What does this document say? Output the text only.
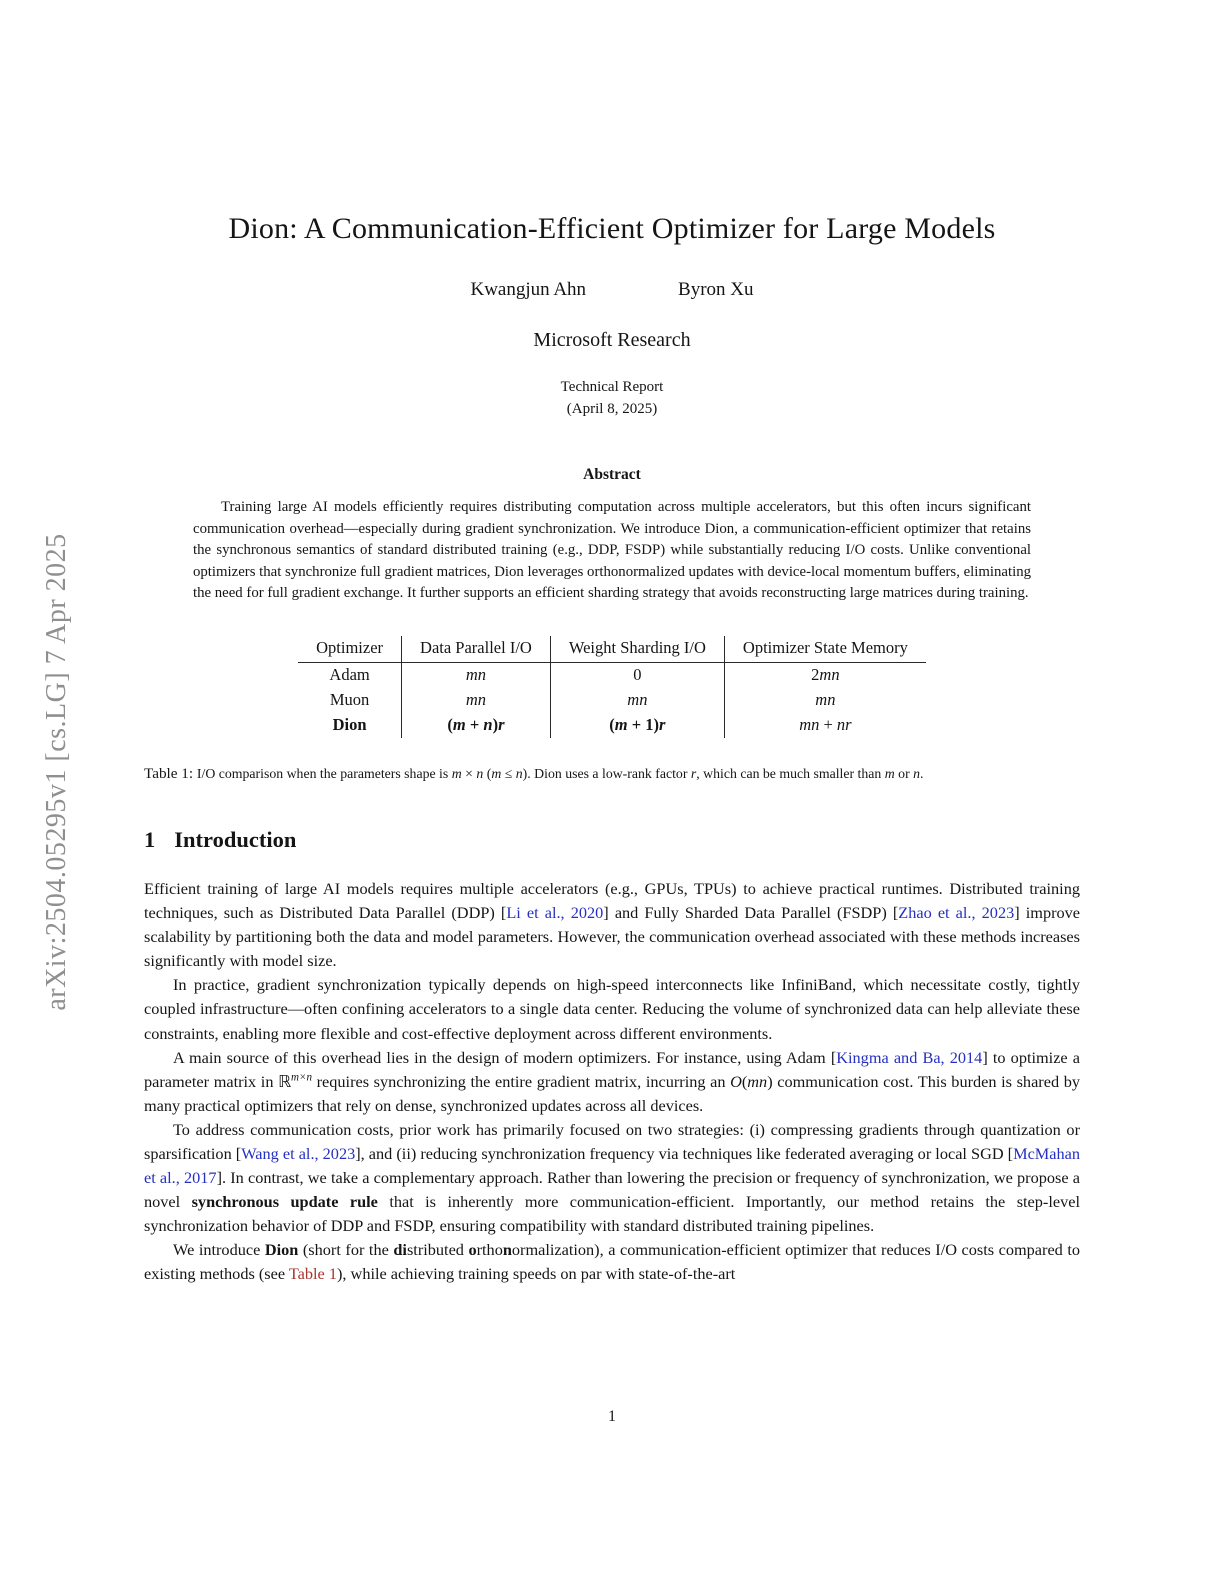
arXiv:2504.05295v1 [cs.LG] 7 Apr 2025
Dion: A Communication-Efficient Optimizer for Large Models
Kwangjun Ahn	Byron Xu
Microsoft Research
Technical Report
(April 8, 2025)
Abstract

Training large AI models efficiently requires distributing computation across multiple accelerators, but this often incurs significant communication overhead—especially during gradient synchronization. We introduce Dion, a communication-efficient optimizer that retains the synchronous semantics of standard distributed training (e.g., DDP, FSDP) while substantially reducing I/O costs. Unlike conventional optimizers that synchronize full gradient matrices, Dion leverages orthonormalized updates with device-local momentum buffers, eliminating the need for full gradient exchange. It further supports an efficient sharding strategy that avoids reconstructing large matrices during training.

Optimizer	Data Parallel I/O	Weight Sharding I/O	Optimizer State Memory
Adam	mn	0	2mn
Muon	mn	mn	mn
Dion	(m + n)r	(m + 1)r	mn + nr
Table 1: I/O comparison when the parameters shape is m × n (m ≤ n). Dion uses a low-rank factor r, which can be much smaller than m or n.
1 Introduction

Efficient training of large AI models requires multiple accelerators (e.g., GPUs, TPUs) to achieve practical runtimes. Distributed training techniques, such as Distributed Data Parallel (DDP) [Li et al., 2020] and Fully Sharded Data Parallel (FSDP) [Zhao et al., 2023] improve scalability by partitioning both the data and model parameters. However, the communication overhead associated with these methods increases significantly with model size.

In practice, gradient synchronization typically depends on high-speed interconnects like InfiniBand, which necessitate costly, tightly coupled infrastructure—often confining accelerators to a single data center. Reducing the volume of synchronized data can help alleviate these constraints, enabling more flexible and cost-effective deployment across different environments.

A main source of this overhead lies in the design of modern optimizers. For instance, using Adam [Kingma and Ba, 2014] to optimize a parameter matrix in ℝ$^{m\times n}$ requires synchronizing the entire gradient matrix, incurring an O(mn) communication cost. This burden is shared by many practical optimizers that rely on dense, synchronized updates across all devices.

To address communication costs, prior work has primarily focused on two strategies: (i) compressing gradients through quantization or sparsification [Wang et al., 2023], and (ii) reducing synchronization frequency via techniques like federated averaging or local SGD [McMahan et al., 2017]. In contrast, we take a complementary approach. Rather than lowering the precision or frequency of synchronization, we propose a novel synchronous update rule that is inherently more communication-efficient. Importantly, our method retains the step-level synchronization behavior of DDP and FSDP, ensuring compatibility with standard distributed training pipelines.

We introduce Dion (short for the distributed orthonormalization), a communication-efficient optimizer that reduces I/O costs compared to existing methods (see Table 1), while achieving training speeds on par with state-of-the-art

1
